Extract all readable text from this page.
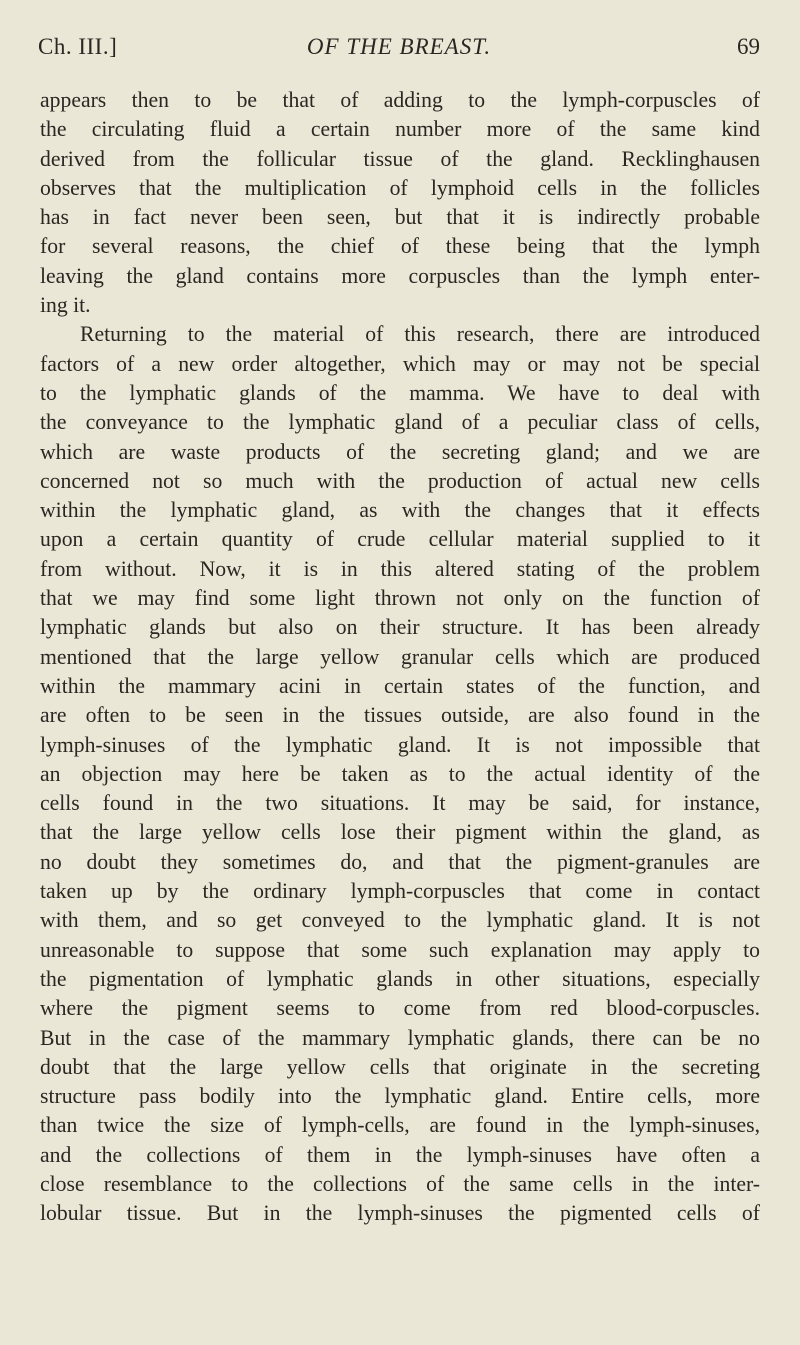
Ch. III.]	OF THE BREAST.	69
appears then to be that of adding to the lymph-corpuscles of
the circulating fluid a certain number more of the same kind
derived from the follicular tissue of the gland. Recklinghausen
observes that the multiplication of lymphoid cells in the follicles
has in fact never been seen, but that it is indirectly probable
for several reasons, the chief of these being that the lymph
leaving the gland contains more corpuscles than the lymph enter-
ing it.
Returning to the material of this research, there are introduced
factors of a new order altogether, which may or may not be special
to the lymphatic glands of the mamma. We have to deal with
the conveyance to the lymphatic gland of a peculiar class of cells,
which are waste products of the secreting gland; and we are
concerned not so much with the production of actual new cells
within the lymphatic gland, as with the changes that it effects
upon a certain quantity of crude cellular material supplied to it
from without. Now, it is in this altered stating of the problem
that we may find some light thrown not only on the function of
lymphatic glands but also on their structure. It has been already
mentioned that the large yellow granular cells which are produced
within the mammary acini in certain states of the function, and
are often to be seen in the tissues outside, are also found in the
lymph-sinuses of the lymphatic gland. It is not impossible that
an objection may here be taken as to the actual identity of the
cells found in the two situations. It may be said, for instance,
that the large yellow cells lose their pigment within the gland, as
no doubt they sometimes do, and that the pigment-granules are
taken up by the ordinary lymph-corpuscles that come in contact
with them, and so get conveyed to the lymphatic gland. It is not
unreasonable to suppose that some such explanation may apply to
the pigmentation of lymphatic glands in other situations, especially
where the pigment seems to come from red blood-corpuscles.
But in the case of the mammary lymphatic glands, there can be no
doubt that the large yellow cells that originate in the secreting
structure pass bodily into the lymphatic gland. Entire cells, more
than twice the size of lymph-cells, are found in the lymph-sinuses,
and the collections of them in the lymph-sinuses have often a
close resemblance to the collections of the same cells in the inter-
lobular tissue. But in the lymph-sinuses the pigmented cells of
